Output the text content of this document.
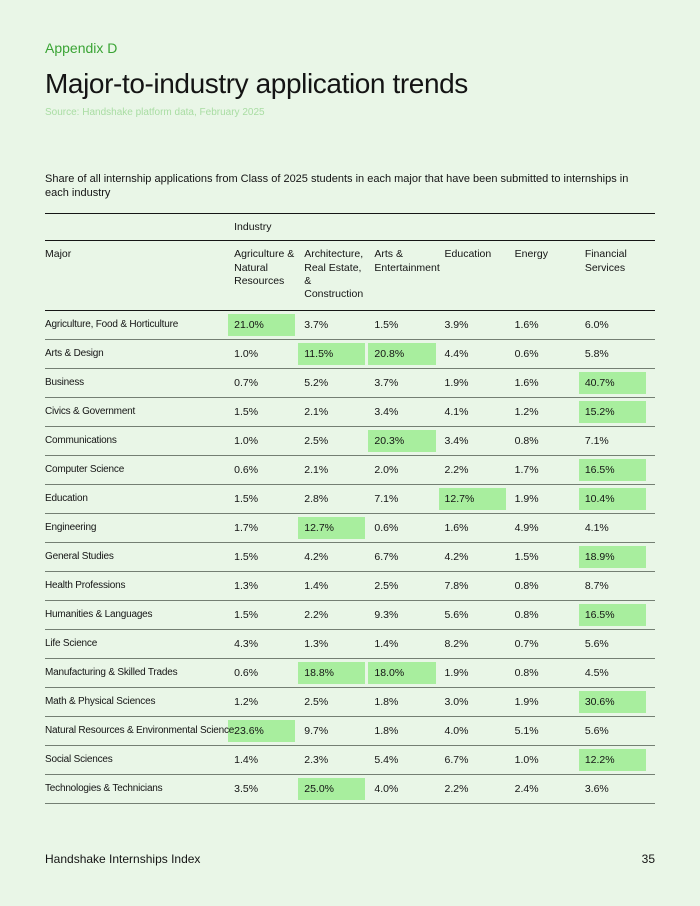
Appendix D
Major-to-industry application trends
Source: Handshake platform data, February 2025
Share of all internship applications from Class of 2025 students in each major that have been submitted to internships in each industry
	Industry					
Major	Agriculture & Natural Resources	Architecture, Real Estate, & Construction	Arts & Entertainment	Education	Energy	Financial Services
Agriculture, Food & Horticulture	21.0%	3.7%	1.5%	3.9%	1.6%	6.0%

Arts & Design	1.0%	11.5%	20.8%	4.4%	0.6%	5.8%

Business	0.7%	5.2%	3.7%	1.9%	1.6%	40.7%

Civics & Government	1.5%	2.1%	3.4%	4.1%	1.2%	15.2%

Communications	1.0%	2.5%	20.3%	3.4%	0.8%	7.1%

Computer Science	0.6%	2.1%	2.0%	2.2%	1.7%	16.5%

Education	1.5%	2.8%	7.1%	12.7%	1.9%	10.4%

Engineering	1.7%	12.7%	0.6%	1.6%	4.9%	4.1%

General Studies	1.5%	4.2%	6.7%	4.2%	1.5%	18.9%

Health Professions	1.3%	1.4%	2.5%	7.8%	0.8%	8.7%

Humanities & Languages	1.5%	2.2%	9.3%	5.6%	0.8%	16.5%

Life Science	4.3%	1.3%	1.4%	8.2%	0.7%	5.6%

Manufacturing & Skilled Trades	0.6%	18.8%	18.0%	1.9%	0.8%	4.5%

Math & Physical Sciences	1.2%	2.5%	1.8%	3.0%	1.9%	30.6%

Natural Resources & Environmental Science	23.6%	9.7%	1.8%	4.0%	5.1%	5.6%

Social Sciences	1.4%	2.3%	5.4%	6.7%	1.0%	12.2%

Technologies & Technicians	3.5%	25.0%	4.0%	2.2%	2.4%	3.6%
Handshake Internships Index	35
